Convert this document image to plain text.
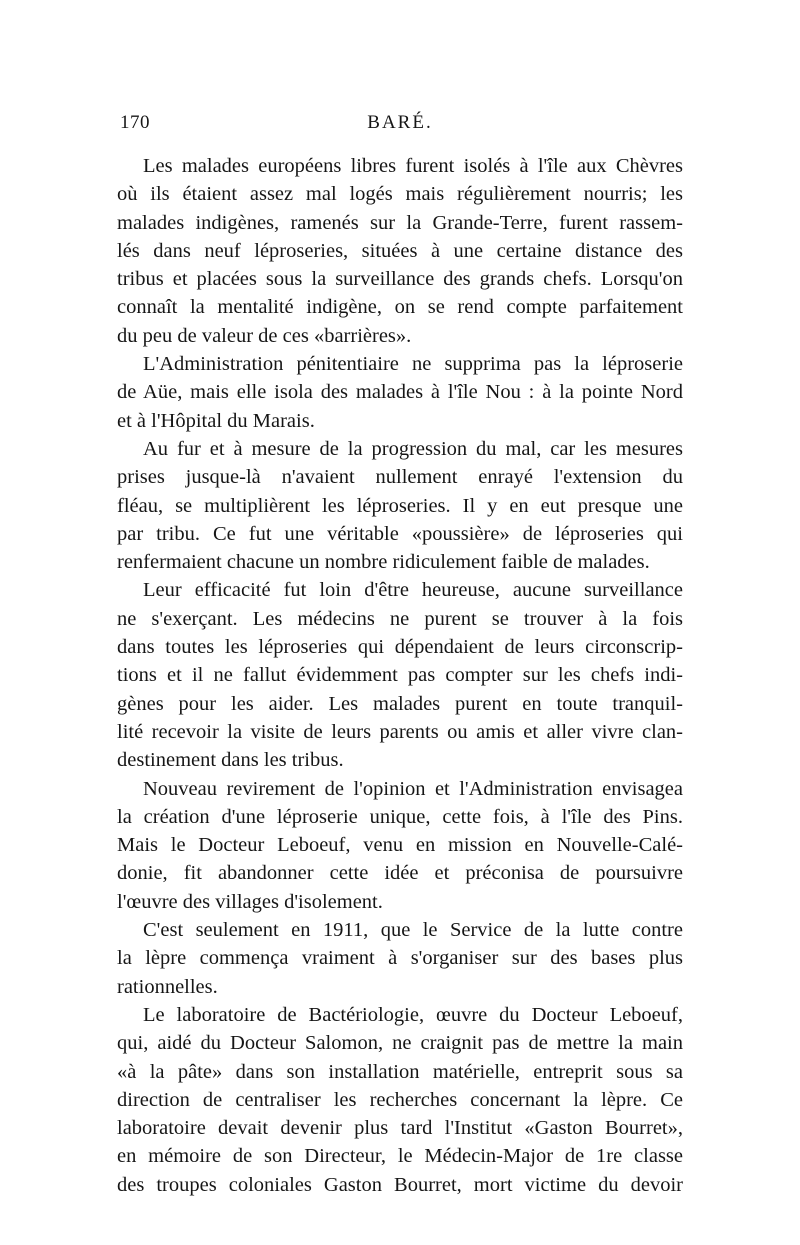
170	BARÉ.

Les malades européens libres furent isolés à l'île aux Chèvres
où ils étaient assez mal logés mais régulièrement nourris; les
malades indigènes, ramenés sur la Grande-Terre, furent rassem-
lés dans neuf léproseries, situées à une certaine distance des
tribus et placées sous la surveillance des grands chefs. Lorsqu'on
connaît la mentalité indigène, on se rend compte parfaitement
du peu de valeur de ces «barrières».

L'Administration pénitentiaire ne supprima pas la léproserie
de Aüe, mais elle isola des malades à l'île Nou : à la pointe Nord
et à l'Hôpital du Marais.

Au fur et à mesure de la progression du mal, car les mesures
prises jusque-là n'avaient nullement enrayé l'extension du
fléau, se multiplièrent les léproseries. Il y en eut presque une
par tribu. Ce fut une véritable «poussière» de léproseries qui
renfermaient chacune un nombre ridiculement faible de malades.

Leur efficacité fut loin d'être heureuse, aucune surveillance
ne s'exerçant. Les médecins ne purent se trouver à la fois
dans toutes les léproseries qui dépendaient de leurs circonscrip-
tions et il ne fallut évidemment pas compter sur les chefs indi-
gènes pour les aider. Les malades purent en toute tranquil-
lité recevoir la visite de leurs parents ou amis et aller vivre clan-
destinement dans les tribus.

Nouveau revirement de l'opinion et l'Administration envisagea
la création d'une léproserie unique, cette fois, à l'île des Pins.
Mais le Docteur Leboeuf, venu en mission en Nouvelle-Calé-
donie, fit abandonner cette idée et préconisa de poursuivre
l'œuvre des villages d'isolement.

C'est seulement en 1911, que le Service de la lutte contre
la lèpre commença vraiment à s'organiser sur des bases plus
rationnelles.

Le laboratoire de Bactériologie, œuvre du Docteur Leboeuf,
qui, aidé du Docteur Salomon, ne craignit pas de mettre la main
«à la pâte» dans son installation matérielle, entreprit sous sa
direction de centraliser les recherches concernant la lèpre. Ce
laboratoire devait devenir plus tard l'Institut «Gaston Bourret»,
en mémoire de son Directeur, le Médecin-Major de 1re classe
des troupes coloniales Gaston Bourret, mort victime du devoir
